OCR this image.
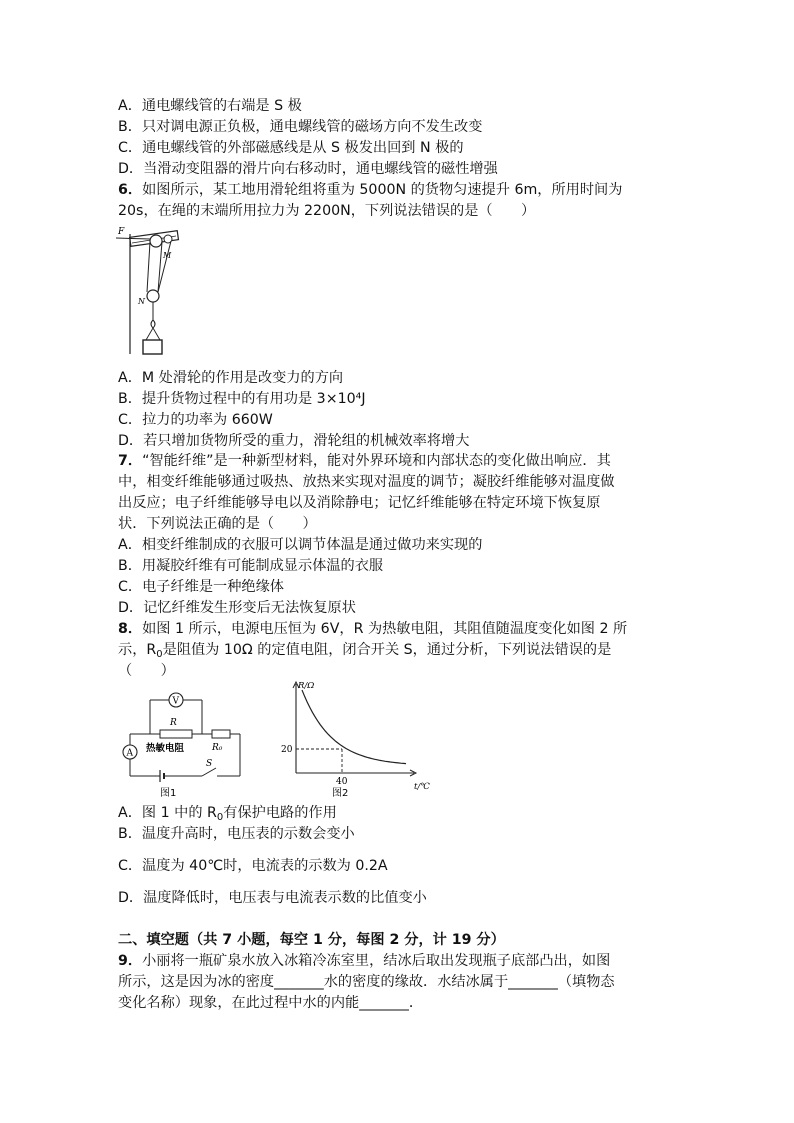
A．通电螺线管的右端是 S 极
B．只对调电源正负极，通电螺线管的磁场方向不发生改变
C．通电螺线管的外部磁感线是从 S 极发出回到 N 极的
D．当滑动变阻器的滑片向右移动时，通电螺线管的磁性增强
6．如图所示，某工地用滑轮组将重为 5000N 的货物匀速提升 6m，所用时间为
20s，在绳的末端所用拉力为 2200N，下列说法错误的是（　　）
F
M
N
A．M 处滑轮的作用是改变力的方向
B．提升货物过程中的有用功是 3×10⁴J
C．拉力的功率为 660W
D．若只增加货物所受的重力，滑轮组的机械效率将增大
7．“智能纤维”是一种新型材料，能对外界环境和内部状态的变化做出响应．其
中，相变纤维能够通过吸热、放热来实现对温度的调节；凝胶纤维能够对温度做
出反应；电子纤维能够导电以及消除静电；记忆纤维能够在特定环境下恢复原
状．下列说法正确的是（　　）
A．相变纤维制成的衣服可以调节体温是通过做功来实现的
B．用凝胶纤维有可能制成显示体温的衣服
C．电子纤维是一种绝缘体
D．记忆纤维发生形变后无法恢复原状
8．如图 1 所示，电源电压恒为 6V，R 为热敏电阻，其阻值随温度变化如图 2 所
示，$R_0$是阻值为 10Ω 的定值电阻，闭合开关 S，通过分析，下列说法错误的是
（　　）
V
R
热敏电阻	R₀
A
S
图1
R/Ω
t/℃
20
40
图2
A．图 1 中的 $R_0$有保护电路的作用
B．温度升高时，电压表的示数会变小
C．温度为 40℃时，电流表的示数为 0.2A
D．温度降低时，电压表与电流表示数的比值变小
二、填空题（共 7 小题，每空 1 分，每图 2 分，计 19 分）
9．小丽将一瓶矿泉水放入冰箱冷冻室里，结冰后取出发现瓶子底部凸出，如图
所示，这是因为冰的密度_______水的密度的缘故．水结冰属于_______（填物态
变化名称）现象，在此过程中水的内能_______．
